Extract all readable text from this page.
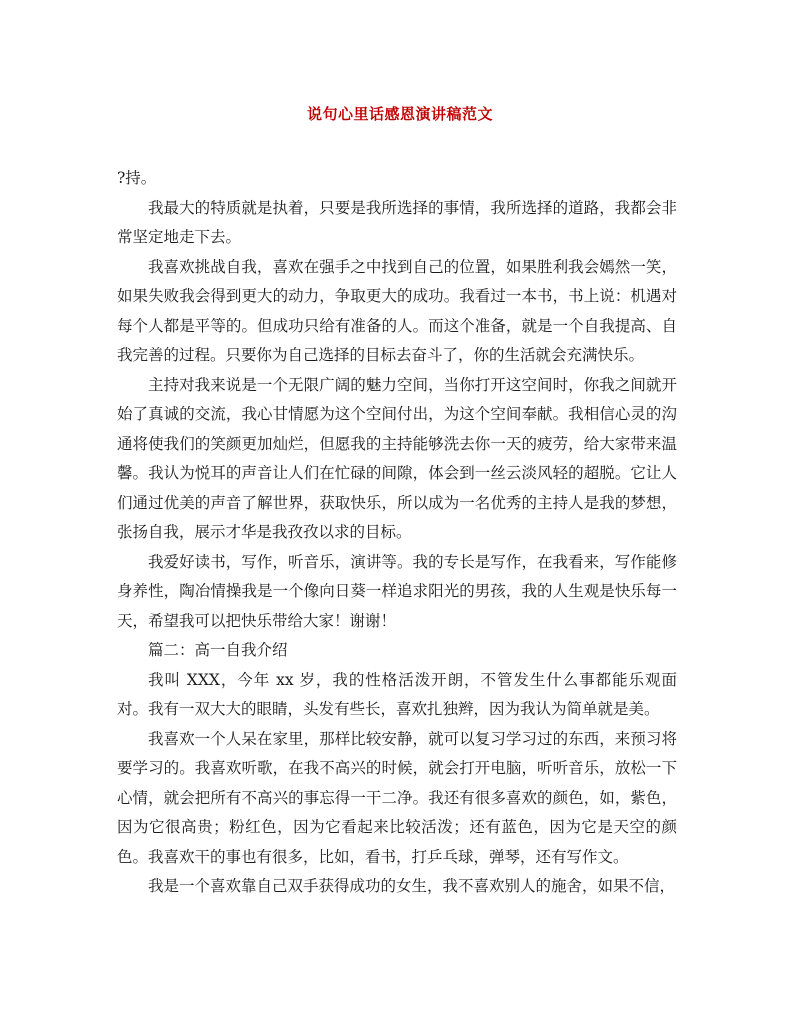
说句心里话感恩演讲稿范文

?持。

我最大的特质就是执着，只要是我所选择的事情，我所选择的道路，我都会非常坚定地走下去。

我喜欢挑战自我，喜欢在强手之中找到自己的位置，如果胜利我会嫣然一笑，如果失败我会得到更大的动力，争取更大的成功。我看过一本书，书上说：机遇对每个人都是平等的。但成功只给有准备的人。而这个准备，就是一个自我提高、自我完善的过程。只要你为自己选择的目标去奋斗了，你的生活就会充满快乐。

主持对我来说是一个无限广阔的魅力空间，当你打开这空间时，你我之间就开始了真诚的交流，我心甘情愿为这个空间付出，为这个空间奉献。我相信心灵的沟通将使我们的笑颜更加灿烂，但愿我的主持能够洗去你一天的疲劳，给大家带来温馨。我认为悦耳的声音让人们在忙碌的间隙，体会到一丝云淡风轻的超脱。它让人们通过优美的声音了解世界，获取快乐，所以成为一名优秀的主持人是我的梦想，张扬自我，展示才华是我孜孜以求的目标。

我爱好读书，写作，听音乐，演讲等。我的专长是写作，在我看来，写作能修身养性，陶冶情操我是一个像向日葵一样追求阳光的男孩，我的人生观是快乐每一天，希望我可以把快乐带给大家！谢谢！

篇二：高一自我介绍

我叫 XXX，今年 xx 岁，我的性格活泼开朗，不管发生什么事都能乐观面对。我有一双大大的眼睛，头发有些长，喜欢扎独辫，因为我认为简单就是美。

我喜欢一个人呆在家里，那样比较安静，就可以复习学习过的东西，来预习将要学习的。我喜欢听歌，在我不高兴的时候，就会打开电脑，听听音乐，放松一下心情，就会把所有不高兴的事忘得一干二净。我还有很多喜欢的颜色，如，紫色，因为它很高贵；粉红色，因为它看起来比较活泼；还有蓝色，因为它是天空的颜色。我喜欢干的事也有很多，比如，看书，打乒乓球，弹琴，还有写作文。

我是一个喜欢靠自己双手获得成功的女生，我不喜欢别人的施舍，如果不信，
